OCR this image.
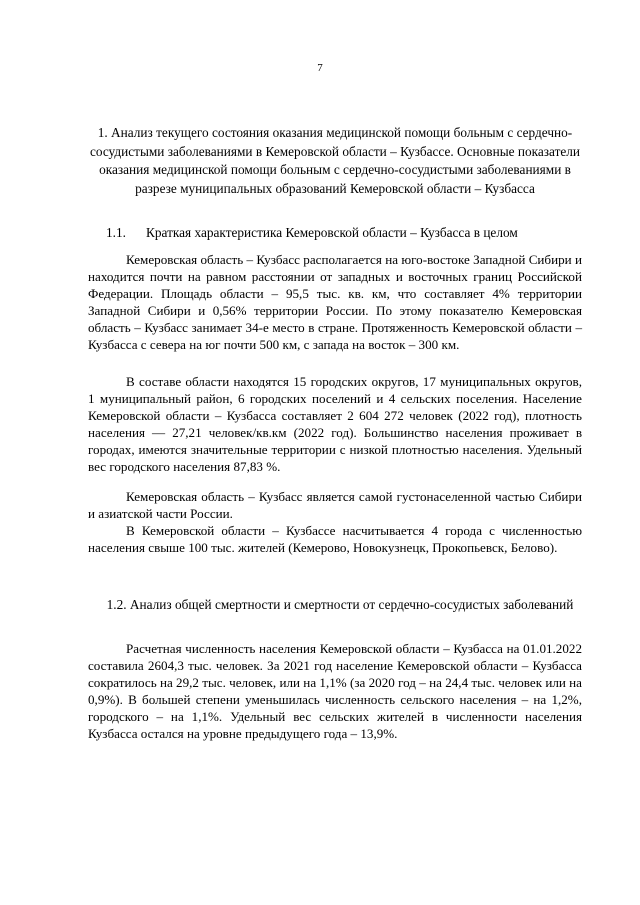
7
1. Анализ текущего состояния оказания медицинской помощи больным с сердечно-сосудистыми заболеваниями в Кемеровской области – Кузбассе. Основные показатели оказания медицинской помощи больным с сердечно-сосудистыми заболеваниями в разрезе муниципальных образований Кемеровской области – Кузбасса
1.1. Краткая характеристика Кемеровской области – Кузбасса в целом

Кемеровская область – Кузбасс располагается на юго-востоке Западной Сибири и находится почти на равном расстоянии от западных и восточных границ Российской Федерации. Площадь области – 95,5 тыс. кв. км, что составляет 4% территории Западной Сибири и 0,56% территории России. По этому показателю Кемеровская область – Кузбасс занимает 34-е место в стране. Протяженность Кемеровской области – Кузбасса с севера на юг почти 500 км, с запада на восток – 300 км.

В составе области находятся 15 городских округов, 17 муниципальных округов, 1 муниципальный район, 6 городских поселений и 4 сельских поселения. Население Кемеровской области – Кузбасса составляет 2 604 272 человек (2022 год), плотность населения — 27,21 человек/кв.км (2022 год). Большинство населения проживает в городах, имеются значительные территории с низкой плотностью населения. Удельный вес городского населения 87,83 %.

Кемеровская область – Кузбасс является самой густонаселенной частью Сибири и азиатской части России.

В Кемеровской области – Кузбассе насчитывается 4 города с численностью населения свыше 100 тыс. жителей (Кемерово, Новокузнецк, Прокопьевск, Белово).

1.2. Анализ общей смертности и смертности от сердечно-сосудистых заболеваний

Расчетная численность населения Кемеровской области – Кузбасса на 01.01.2022 составила 2604,3 тыс. человек. За 2021 год население Кемеровской области – Кузбасса сократилось на 29,2 тыс. человек, или на 1,1% (за 2020 год – на 24,4 тыс. человек или на 0,9%). В большей степени уменьшилась численность сельского населения – на 1,2%, городского – на 1,1%. Удельный вес сельских жителей в численности населения Кузбасса остался на уровне предыдущего года – 13,9%.
